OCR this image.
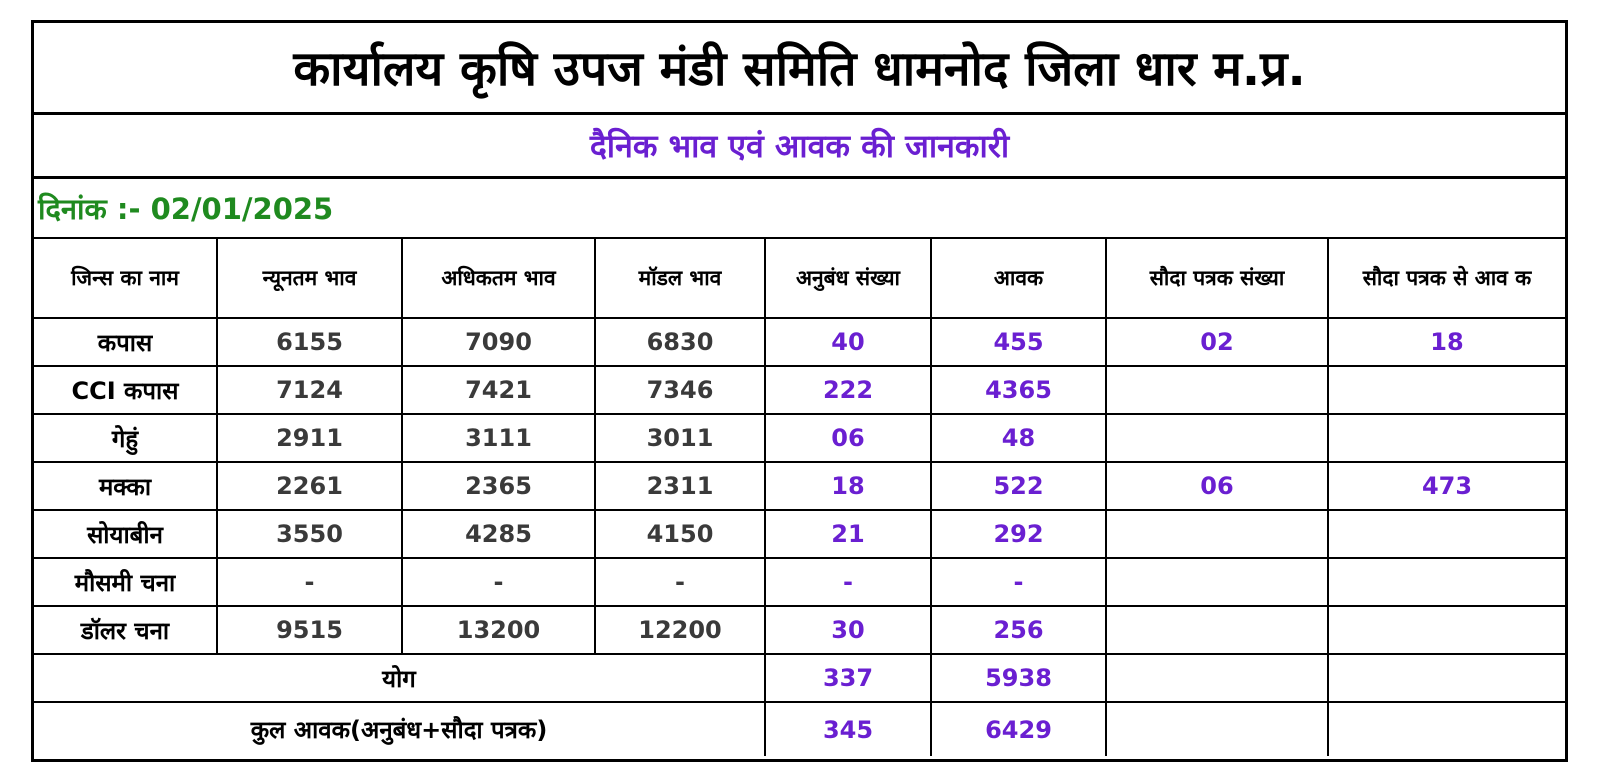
कार्यालय कृषि उपज मंडी समिति धामनोद जिला धार म.प्र.
दैनिक भाव एवं आवक की जानकारी
दिनांक :- 02/01/2025
जिन्स का नाम	न्यूनतम भाव	अधिकतम भाव	मॉडल भाव	अनुबंध संख्या	आवक	सौदा पत्रक संख्या	सौदा पत्रक से आव क
कपास	6155	7090	6830	40	455	02	18
CCI कपास	7124	7421	7346	222	4365		
गेहुं	2911	3111	3011	06	48		
मक्का	2261	2365	2311	18	522	06	473
सोयाबीन	3550	4285	4150	21	292		
मौसमी चना	-	-	-	-	-		
डॉलर चना	9515	13200	12200	30	256		
योग				337	5938		
कुल आवक(अनुबंध+सौदा पत्रक)				345	6429		
